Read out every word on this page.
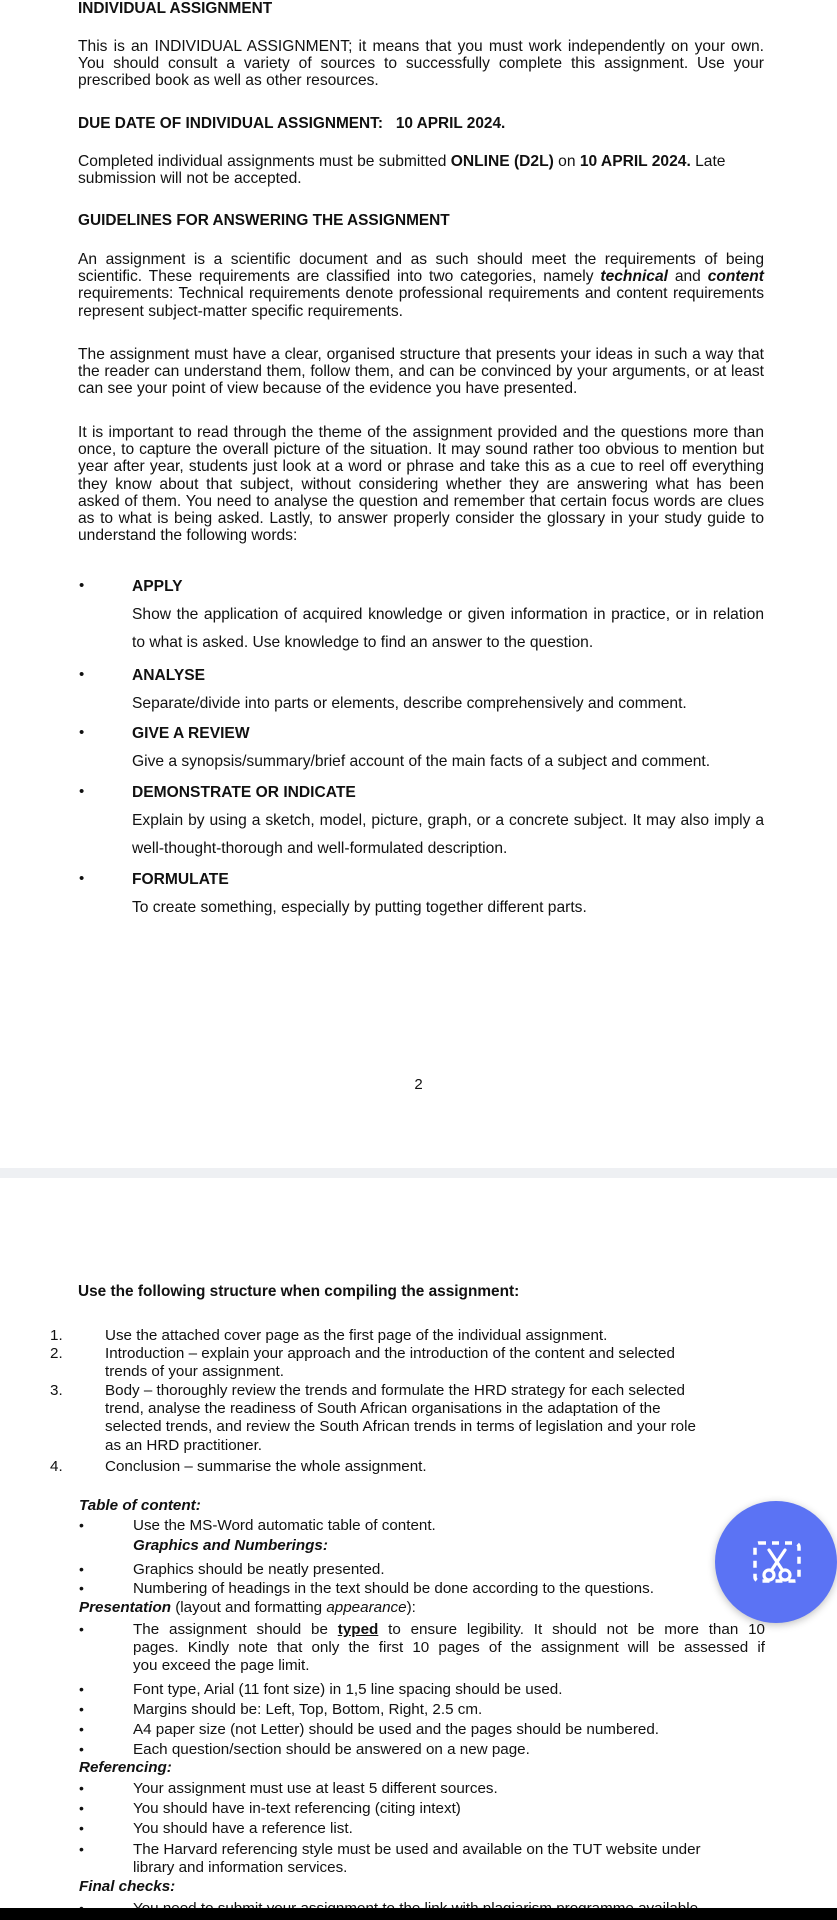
INDIVIDUAL ASSIGNMENT

This is an INDIVIDUAL ASSIGNMENT; it means that you must work independently on your own. You should consult a variety of sources to successfully complete this assignment. Use your prescribed book as well as other resources.

DUE DATE OF INDIVIDUAL ASSIGNMENT: 10 APRIL 2024.

Completed individual assignments must be submitted ONLINE (D2L) on 10 APRIL 2024. Late submission will not be accepted.

GUIDELINES FOR ANSWERING THE ASSIGNMENT

An assignment is a scientific document and as such should meet the requirements of being scientific. These requirements are classified into two categories, namely technical and content requirements: Technical requirements denote professional requirements and content requirements represent subject-matter specific requirements.

The assignment must have a clear, organised structure that presents your ideas in such a way that the reader can understand them, follow them, and can be convinced by your arguments, or at least can see your point of view because of the evidence you have presented.

It is important to read through the theme of the assignment provided and the questions more than once, to capture the overall picture of the situation. It may sound rather too obvious to mention but year after year, students just look at a word or phrase and take this as a cue to reel off everything they know about that subject, without considering whether they are answering what has been asked of them. You need to analyse the question and remember that certain focus words are clues as to what is being asked. Lastly, to answer properly consider the glossary in your study guide to understand the following words:

•	APPLY
Show the application of acquired knowledge or given information in practice, or in relation to what is asked. Use knowledge to find an answer to the question.
•	ANALYSE
Separate/divide into parts or elements, describe comprehensively and comment.
•	GIVE A REVIEW
Give a synopsis/summary/brief account of the main facts of a subject and comment.
•	DEMONSTRATE OR INDICATE
Explain by using a sketch, model, picture, graph, or a concrete subject. It may also imply a well-thought-thorough and well-formulated description.
•	FORMULATE
To create something, especially by putting together different parts.
2
Use the following structure when compiling the assignment:
1.	Use the attached cover page as the first page of the individual assignment.
2.	Introduction – explain your approach and the introduction of the content and selected
trends of your assignment.
3.	Body – thoroughly review the trends and formulate the HRD strategy for each selected
trend, analyse the readiness of South African organisations in the adaptation of the
selected trends, and review the South African trends in terms of legislation and your role
as an HRD practitioner.
4.	Conclusion – summarise the whole assignment.
Table of content:
•	Use the MS-Word automatic table of content.
Graphics and Numberings:
•	Graphics should be neatly presented.
•	Numbering of headings in the text should be done according to the questions.
Presentation (layout and formatting appearance):
•	The assignment should be typed to ensure legibility. It should not be more than 10
pages. Kindly note that only the first 10 pages of the assignment will be assessed if
you exceed the page limit.
•	Font type, Arial (11 font size) in 1,5 line spacing should be used.
•	Margins should be: Left, Top, Bottom, Right, 2.5 cm.
•	A4 paper size (not Letter) should be used and the pages should be numbered.
•	Each question/section should be answered on a new page.
Referencing:
•	Your assignment must use at least 5 different sources.
•	You should have in-text referencing (citing intext)
•	You should have a reference list.
•	The Harvard referencing style must be used and available on the TUT website under
library and information services.
Final checks:
